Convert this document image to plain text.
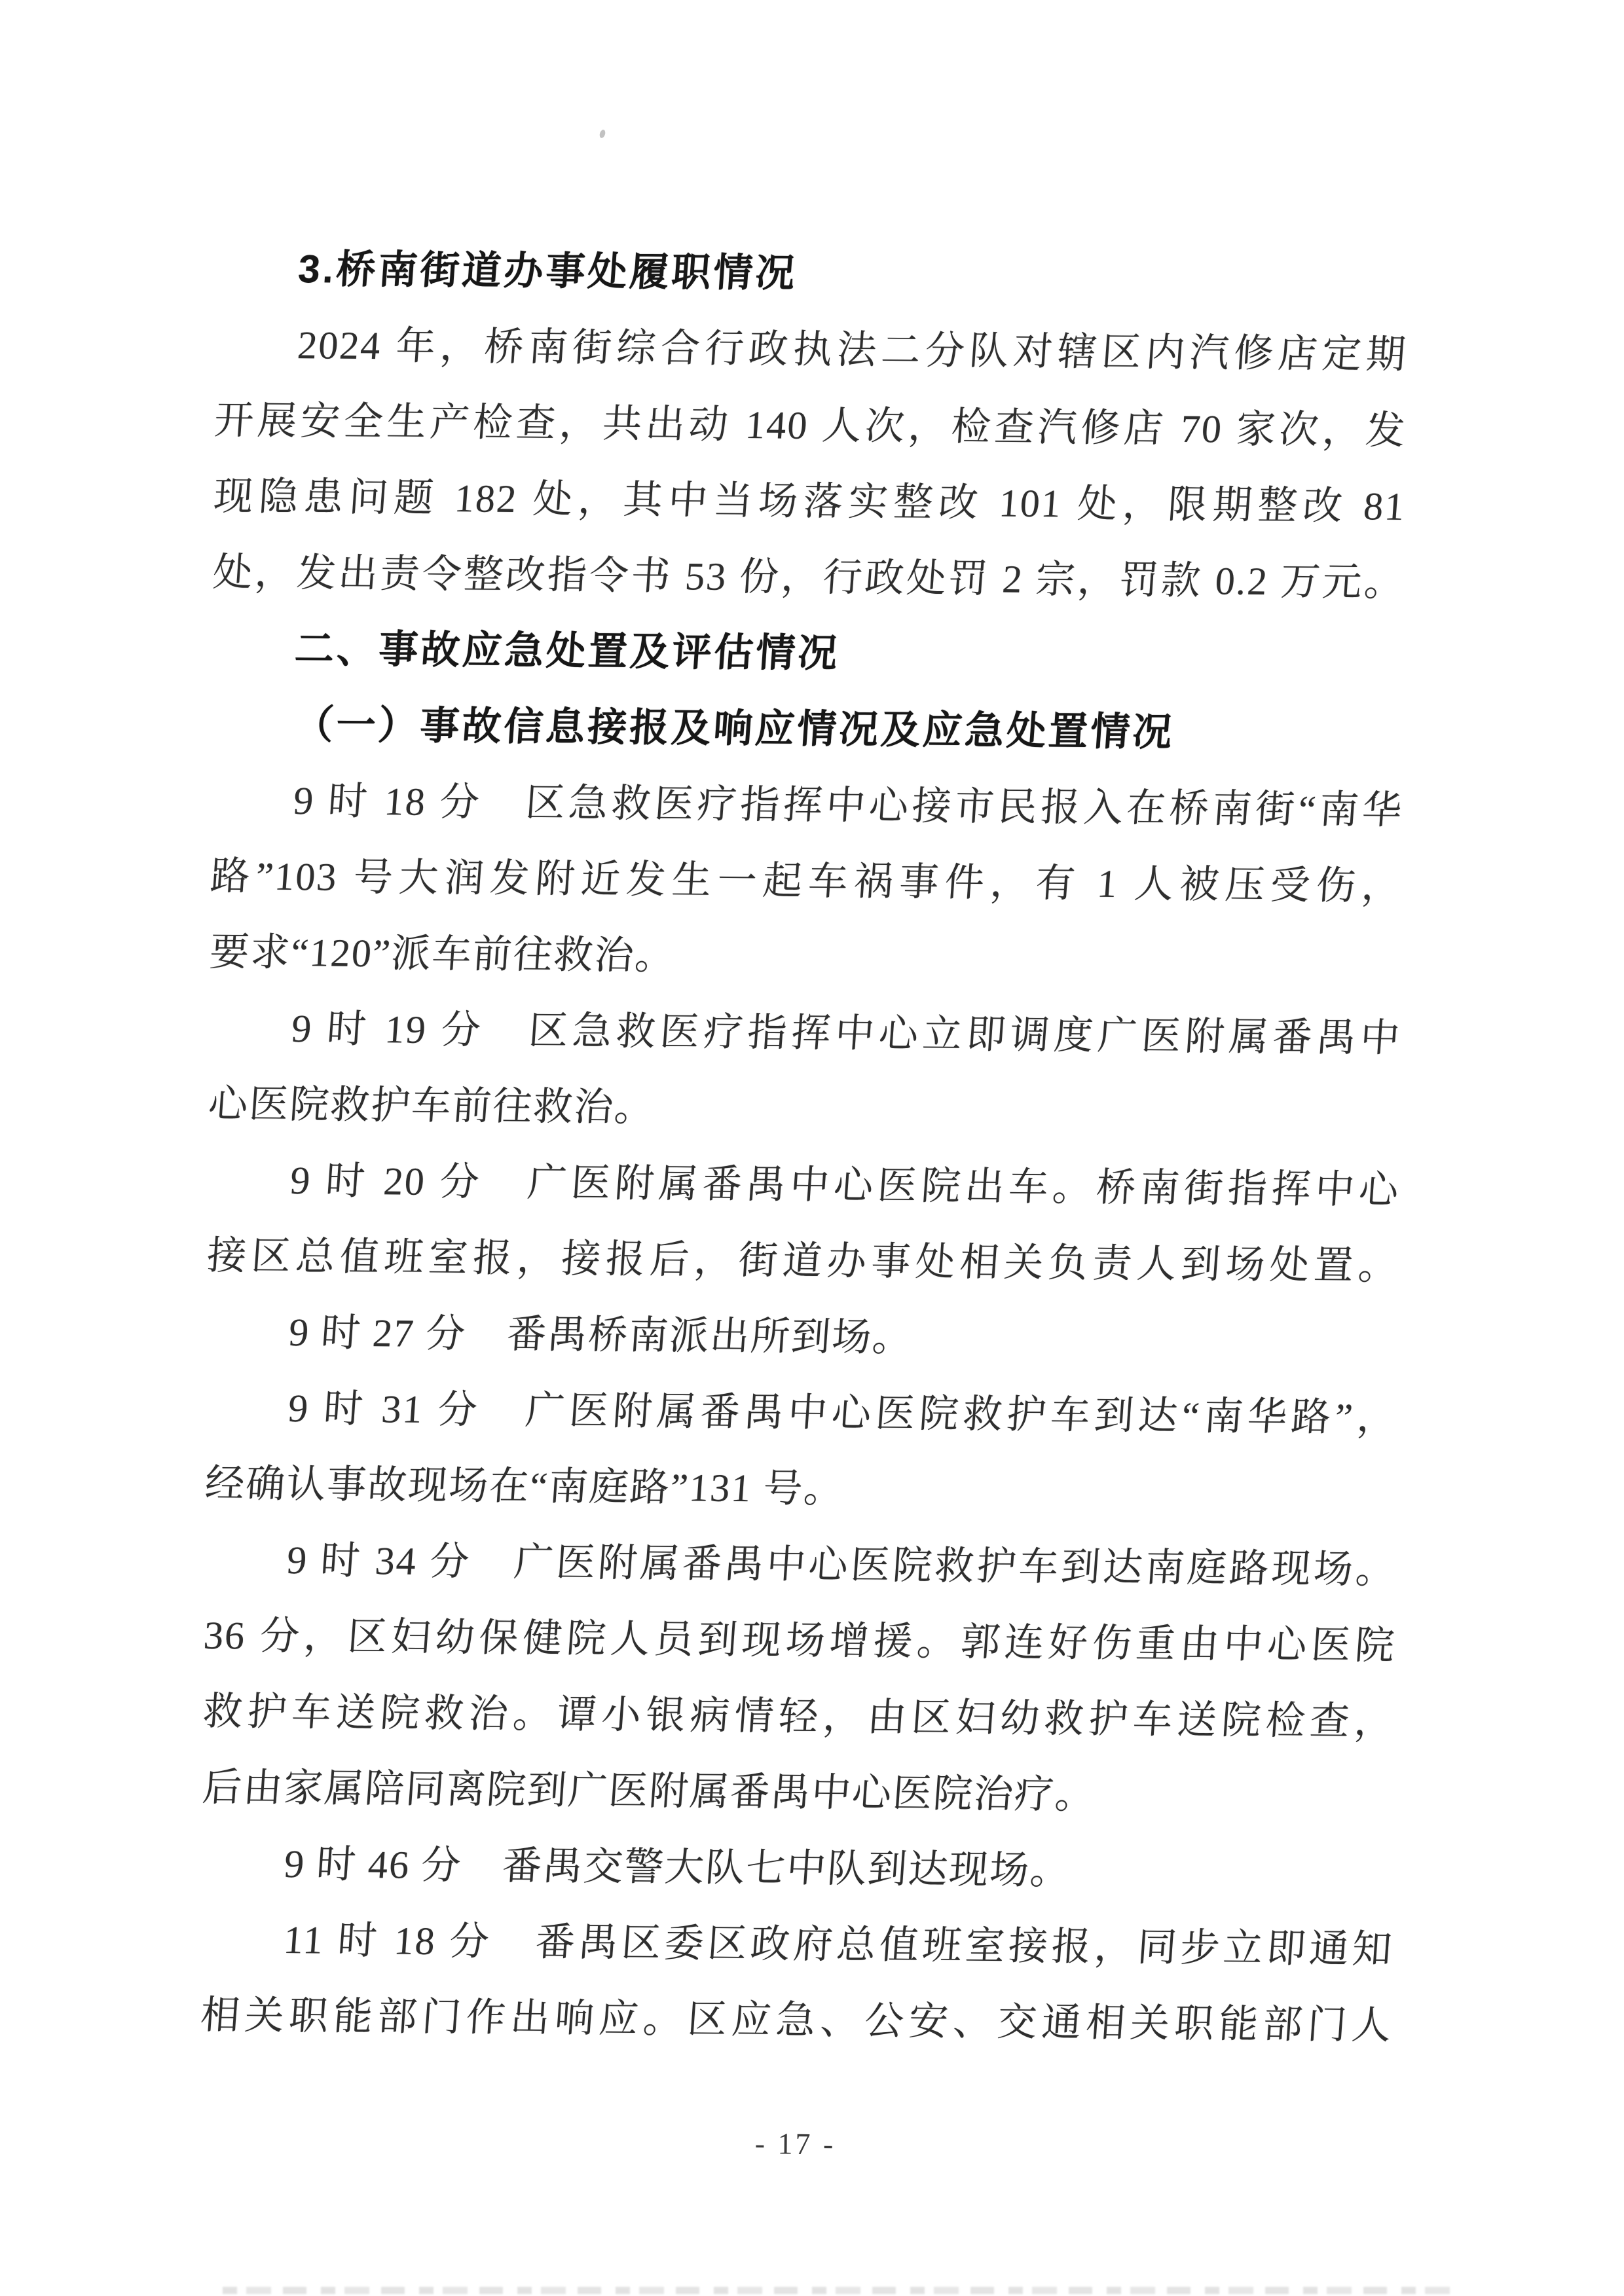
3.桥南街道办事处履职情况
2024 年，桥南街综合行政执法二分队对辖区内汽修店定期
开展安全生产检查，共出动 140 人次，检查汽修店 70 家次，发
现隐患问题 182 处，其中当场落实整改 101 处，限期整改 81
处，发出责令整改指令书 53 份，行政处罚 2 宗，罚款 0.2 万元。
二、事故应急处置及评估情况
（一）事故信息接报及响应情况及应急处置情况
9 时 18 分　区急救医疗指挥中心接市民报入在桥南街“南华
路”103 号大润发附近发生一起车祸事件，有 1 人被压受伤，
要求“120”派车前往救治。
9 时 19 分　区急救医疗指挥中心立即调度广医附属番禺中
心医院救护车前往救治。
9 时 20 分　广医附属番禺中心医院出车。桥南街指挥中心
接区总值班室报，接报后，街道办事处相关负责人到场处置。
9 时 27 分　番禺桥南派出所到场。
9 时 31 分　广医附属番禺中心医院救护车到达“南华路”，
经确认事故现场在“南庭路”131 号。
9 时 34 分　广医附属番禺中心医院救护车到达南庭路现场。
36 分，区妇幼保健院人员到现场增援。郭连好伤重由中心医院
救护车送院救治。谭小银病情轻，由区妇幼救护车送院检查，
后由家属陪同离院到广医附属番禺中心医院治疗。
9 时 46 分　番禺交警大队七中队到达现场。
11 时 18 分　番禺区委区政府总值班室接报，同步立即通知
相关职能部门作出响应。区应急、公安、交通相关职能部门人
- 17 -
